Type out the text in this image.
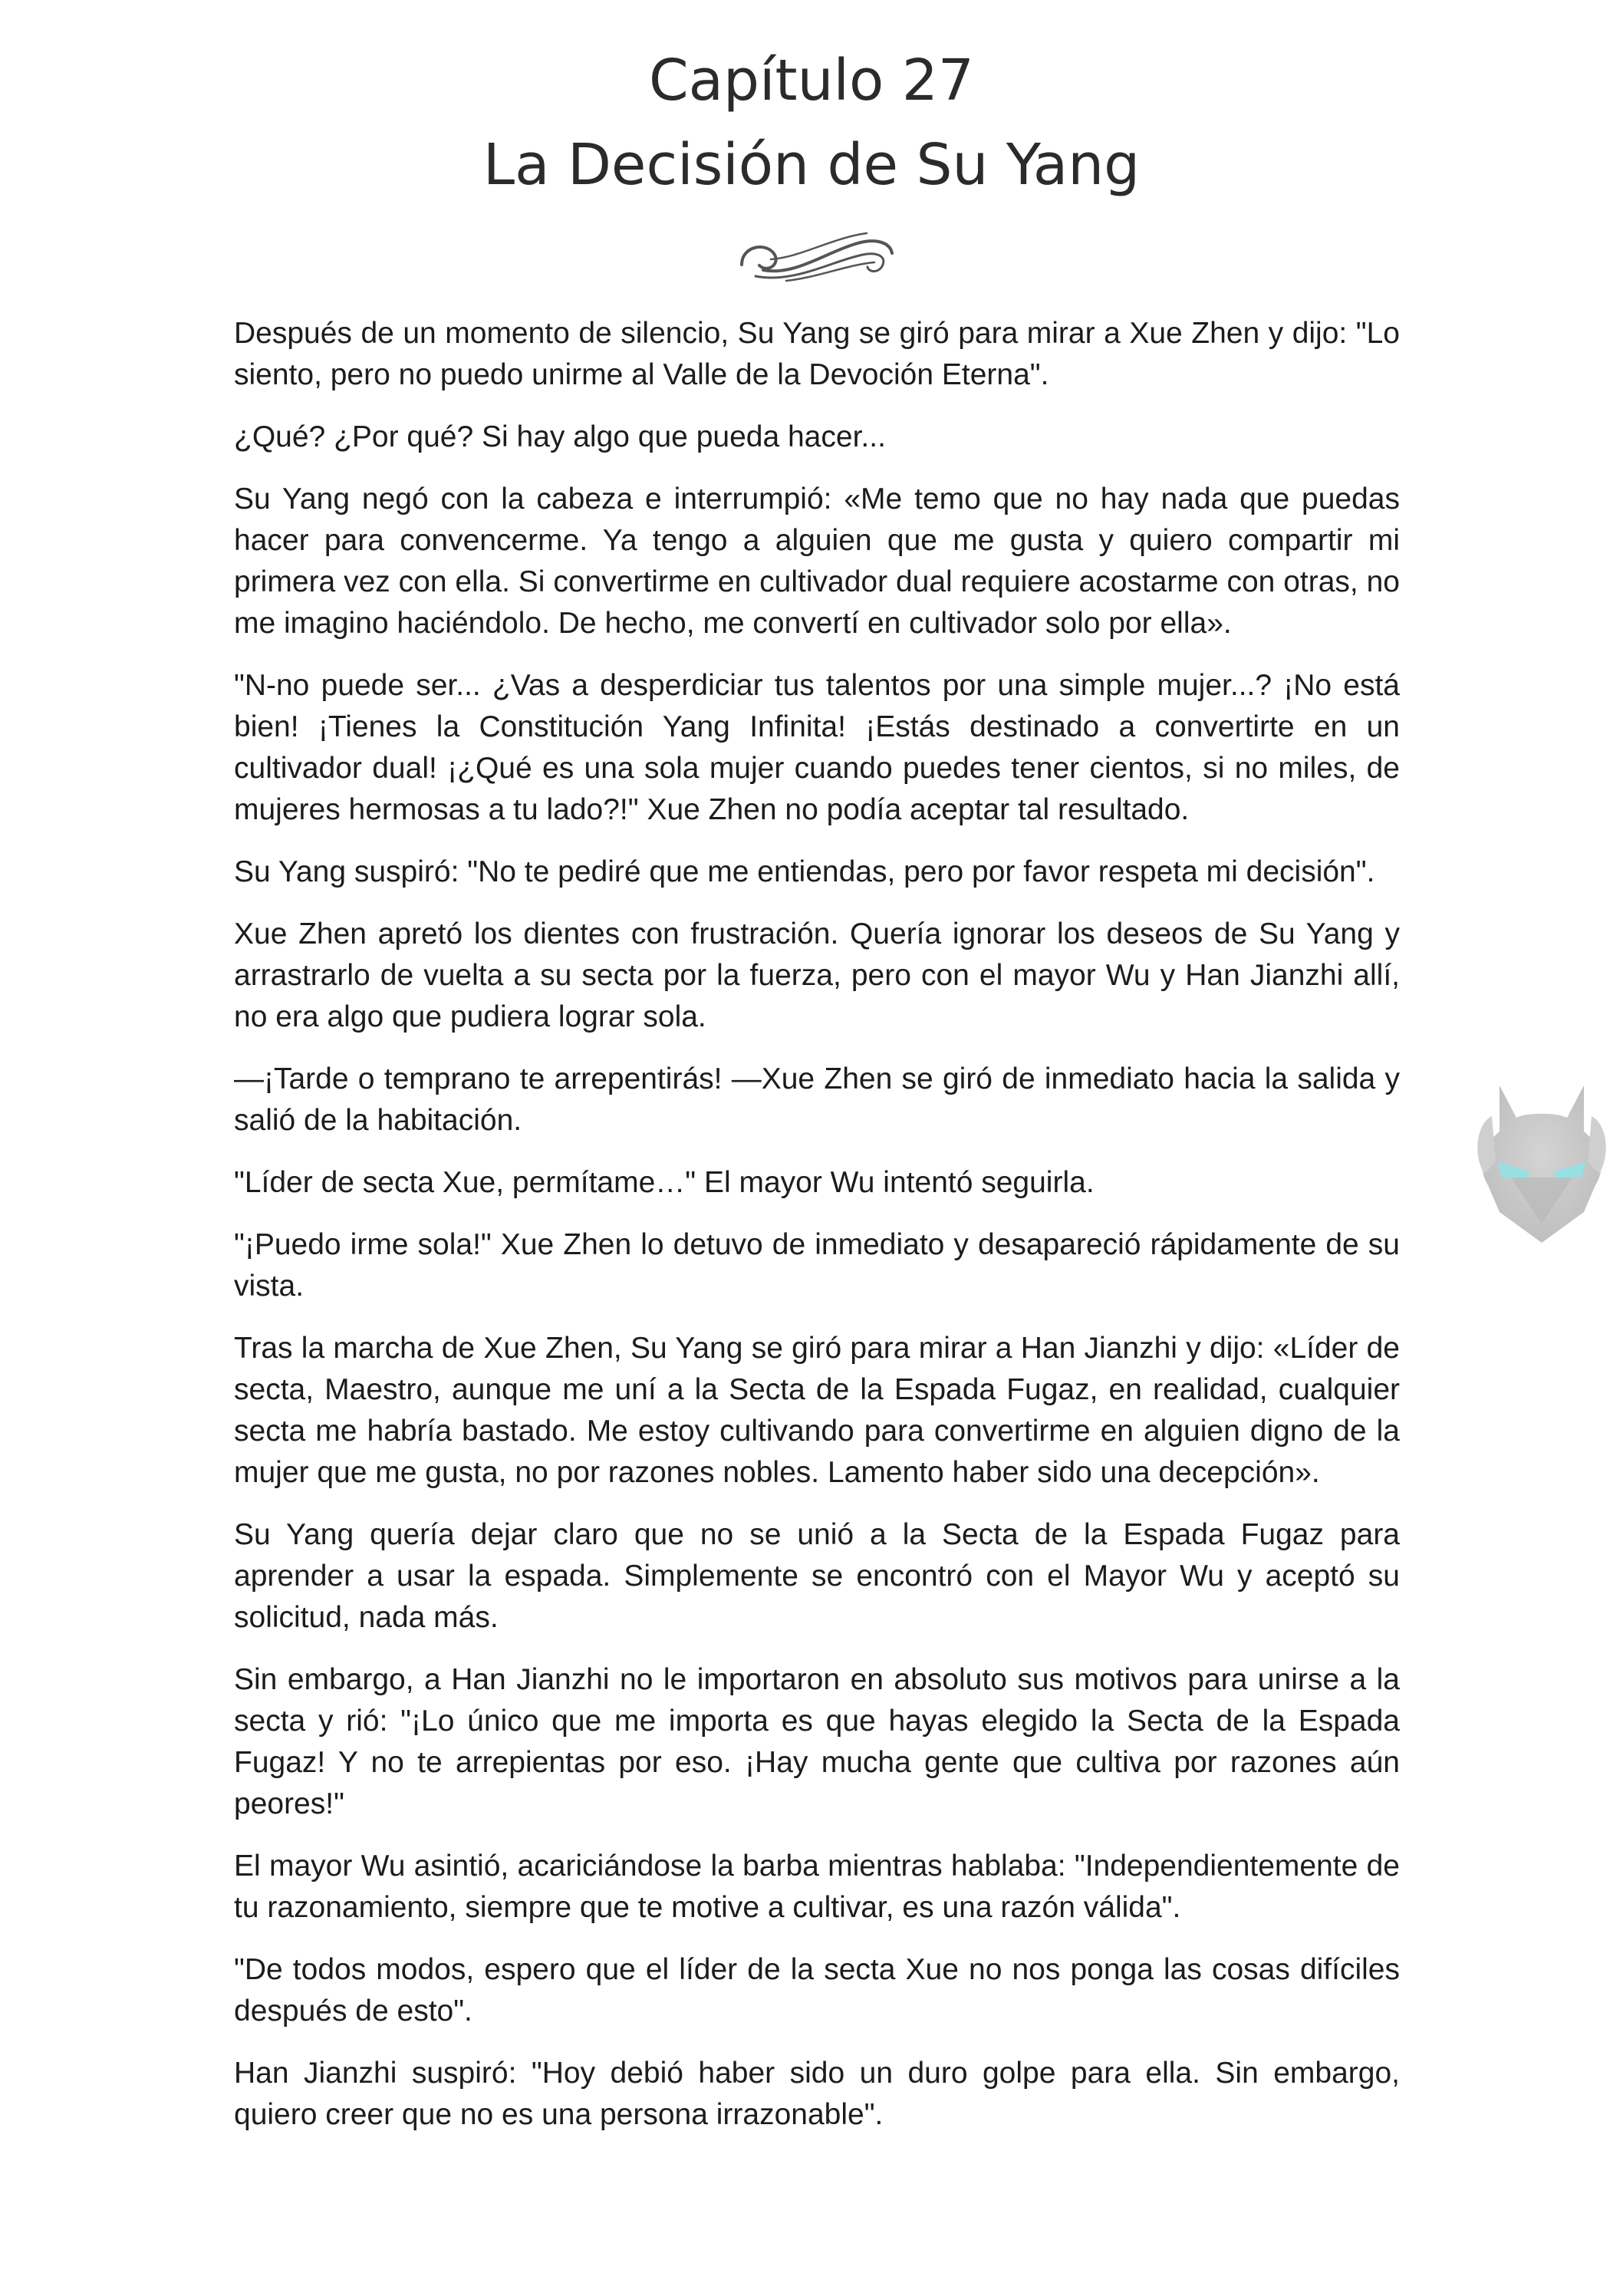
Capítulo 27
La Decisión de Su Yang

Después de un momento de silencio, Su Yang se giró para mirar a Xue Zhen y dijo: "Lo siento, pero no puedo unirme al Valle de la Devoción Eterna".

¿Qué? ¿Por qué? Si hay algo que pueda hacer...

Su Yang negó con la cabeza e interrumpió: «Me temo que no hay nada que puedas hacer para convencerme. Ya tengo a alguien que me gusta y quiero compartir mi primera vez con ella. Si convertirme en cultivador dual requiere acostarme con otras, no me imagino haciéndolo. De hecho, me convertí en cultivador solo por ella».

"N-no puede ser... ¿Vas a desperdiciar tus talentos por una simple mujer...? ¡No está bien! ¡Tienes la Constitución Yang Infinita! ¡Estás destinado a convertirte en un cultivador dual! ¡¿Qué es una sola mujer cuando puedes tener cientos, si no miles, de mujeres hermosas a tu lado?!" Xue Zhen no podía aceptar tal resultado.

Su Yang suspiró: "No te pediré que me entiendas, pero por favor respeta mi decisión".

Xue Zhen apretó los dientes con frustración. Quería ignorar los deseos de Su Yang y arrastrarlo de vuelta a su secta por la fuerza, pero con el mayor Wu y Han Jianzhi allí, no era algo que pudiera lograr sola.

—¡Tarde o temprano te arrepentirás! —Xue Zhen se giró de inmediato hacia la salida y salió de la habitación.

"Líder de secta Xue, permítame…" El mayor Wu intentó seguirla.

"¡Puedo irme sola!" Xue Zhen lo detuvo de inmediato y desapareció rápidamente de su vista.

Tras la marcha de Xue Zhen, Su Yang se giró para mirar a Han Jianzhi y dijo: «Líder de secta, Maestro, aunque me uní a la Secta de la Espada Fugaz, en realidad, cualquier secta me habría bastado. Me estoy cultivando para convertirme en alguien digno de la mujer que me gusta, no por razones nobles. Lamento haber sido una decepción».

Su Yang quería dejar claro que no se unió a la Secta de la Espada Fugaz para aprender a usar la espada. Simplemente se encontró con el Mayor Wu y aceptó su solicitud, nada más.

Sin embargo, a Han Jianzhi no le importaron en absoluto sus motivos para unirse a la secta y rió: "¡Lo único que me importa es que hayas elegido la Secta de la Espada Fugaz! Y no te arrepientas por eso. ¡Hay mucha gente que cultiva por razones aún peores!"

El mayor Wu asintió, acariciándose la barba mientras hablaba: "Independientemente de tu razonamiento, siempre que te motive a cultivar, es una razón válida".

"De todos modos, espero que el líder de la secta Xue no nos ponga las cosas difíciles después de esto".

Han Jianzhi suspiró: "Hoy debió haber sido un duro golpe para ella. Sin embargo, quiero creer que no es una persona irrazonable".
